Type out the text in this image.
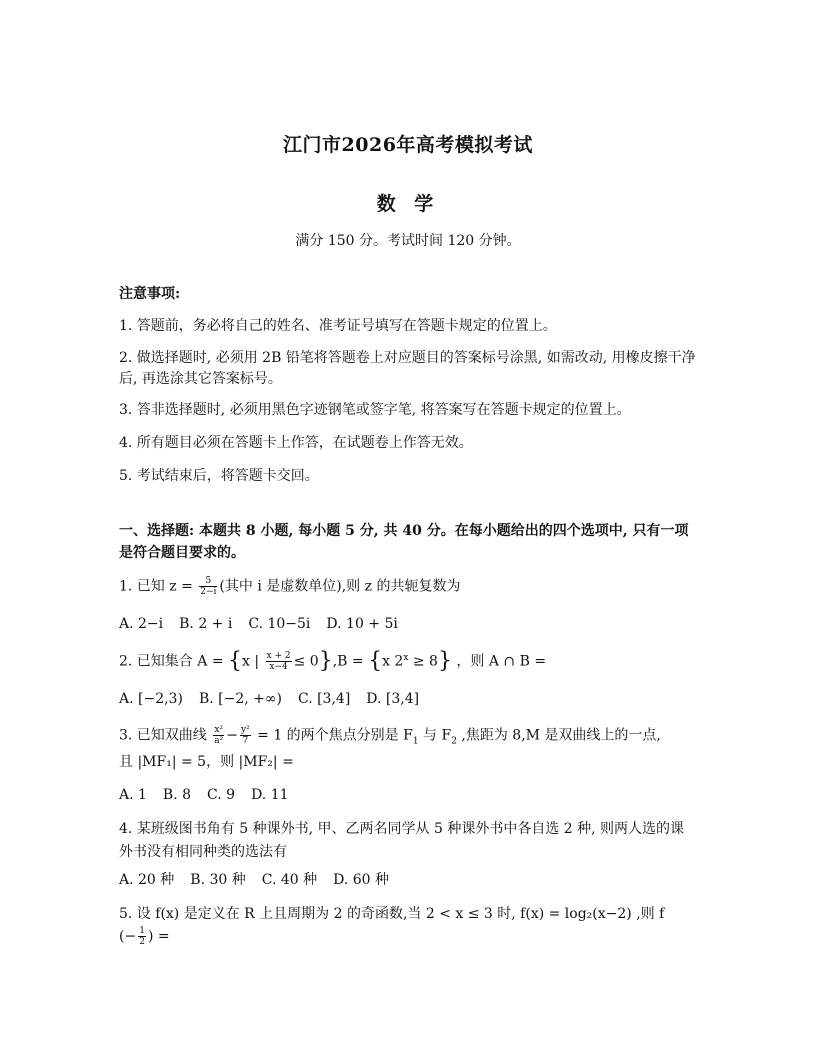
江门市2026年高考模拟考试
数 学
满分 150 分。考试时间 120 分钟。
注意事项:
1. 答题前，务必将自己的姓名、准考证号填写在答题卡规定的位置上。
2. 做选择题时, 必须用 2B 铅笔将答题卷上对应题目的答案标号涂黑, 如需改动, 用橡皮擦干净后, 再选涂其它答案标号。
3. 答非选择题时, 必须用黑色字迹钢笔或签字笔, 将答案写在答题卡规定的位置上。
4. 所有题目必须在答题卡上作答，在试题卷上作答无效。
5. 考试结束后，将答题卡交回。
一、选择题: 本题共 8 小题, 每小题 5 分, 共 40 分。在每小题给出的四个选项中, 只有一项 是符合题目要求的。
1. 已知 $z = \frac{5}{2-i}$ (其中 i 是虚数单位),则 z 的共轭复数为
A. 2−i B. 2 + i C. 10−5i D. 10 + 5i
2. 已知集合 A = {x | $\frac{x + 2}{x-4} \le 0\},B = \{x$ $2^x \ge 8$} ，则 A ∩ B =
A. [−2,3) B. [−2, +∞) C. [3,4] D. [3,4]
3. 已知双曲线 $\frac{\text{x²}}{\text{a²}} - \frac{\text{y²}}{7} = 1$ 的两个焦点分别是 $F_1$ 与 $F_2$ ,焦距为 8,M 是双曲线上的一点,
且 |MF₁| = 5，则 |MF₂| =
A. 1 B. 8 C. 9 D. 11
4. 某班级图书角有 5 种课外书, 甲、乙两名同学从 5 种课外书中各自选 2 种, 则两人选的课外书没有相同种类的选法有
A. 20 种 B. 30 种 C. 40 种 D. 60 种
5. 设 f(x) 是定义在 R 上且周期为 2 的奇函数,当 2 < x ≤ 3 时, f(x) = log₂(x−2) ,则 f
(− $\frac{1}{2}$ ) =
